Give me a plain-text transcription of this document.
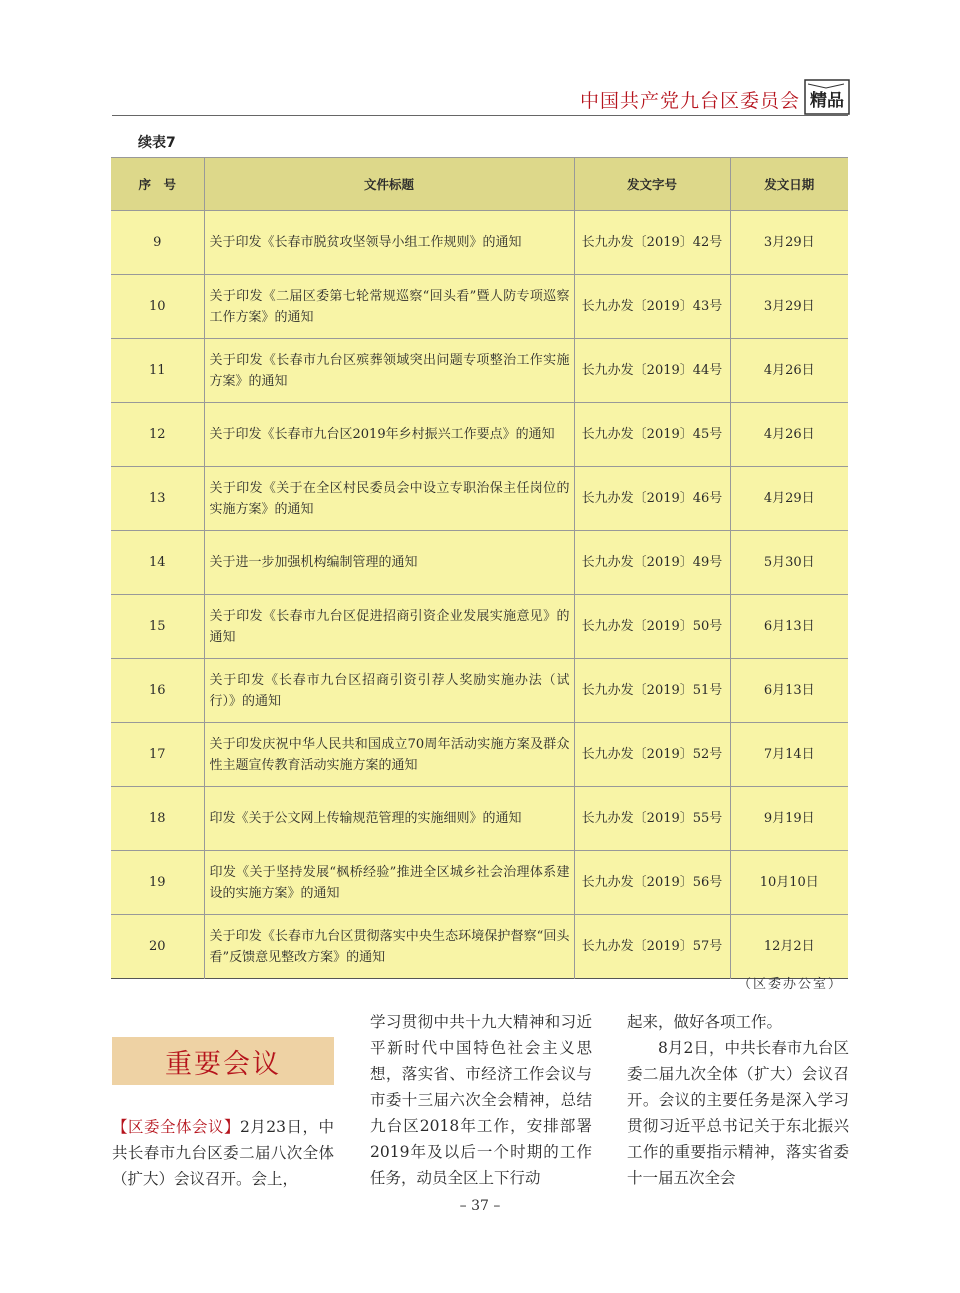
中国共产党九台区委员会 精品
续表7
序　号	文件标题	发文字号	发文日期
9	关于印发《长春市脱贫攻坚领导小组工作规则》的通知	长九办发〔2019〕42号	3月29日
10	关于印发《二届区委第七轮常规巡察“回头看”暨人防专项巡察工作方案》的通知	长九办发〔2019〕43号	3月29日
11	关于印发《长春市九台区殡葬领域突出问题专项整治工作实施方案》的通知	长九办发〔2019〕44号	4月26日
12	关于印发《长春市九台区2019年乡村振兴工作要点》的通知	长九办发〔2019〕45号	4月26日
13	关于印发《关于在全区村民委员会中设立专职治保主任岗位的实施方案》的通知	长九办发〔2019〕46号	4月29日
14	关于进一步加强机构编制管理的通知	长九办发〔2019〕49号	5月30日
15	关于印发《长春市九台区促进招商引资企业发展实施意见》的通知	长九办发〔2019〕50号	6月13日
16	关于印发《长春市九台区招商引资引荐人奖励实施办法（试行）》的通知	长九办发〔2019〕51号	6月13日
17	关于印发庆祝中华人民共和国成立70周年活动实施方案及群众性主题宣传教育活动实施方案的通知	长九办发〔2019〕52号	7月14日
18	印发《关于公文网上传输规范管理的实施细则》的通知	长九办发〔2019〕55号	9月19日
19	印发《关于坚持发展“枫桥经验”推进全区城乡社会治理体系建设的实施方案》的通知	长九办发〔2019〕56号	10月10日
20	关于印发《长春市九台区贯彻落实中央生态环境保护督察“回头看”反馈意见整改方案》的通知	长九办发〔2019〕57号	12月2日
（区委办公室）
重要会议

【区委全体会议】2月23日，中共长春市九台区委二届八次全体（扩大）会议召开。会上，

学习贯彻中共十九大精神和习近平新时代中国特色社会主义思想，落实省、市经济工作会议与市委十三届六次全会精神，总结九台区2018年工作，安排部署2019年及以后一个时期的工作任务，动员全区上下行动

起来，做好各项工作。

8月2日，中共长春市九台区委二届九次全体（扩大）会议召开。会议的主要任务是深入学习贯彻习近平总书记关于东北振兴工作的重要指示精神，落实省委十一届五次全会

– 37 –
